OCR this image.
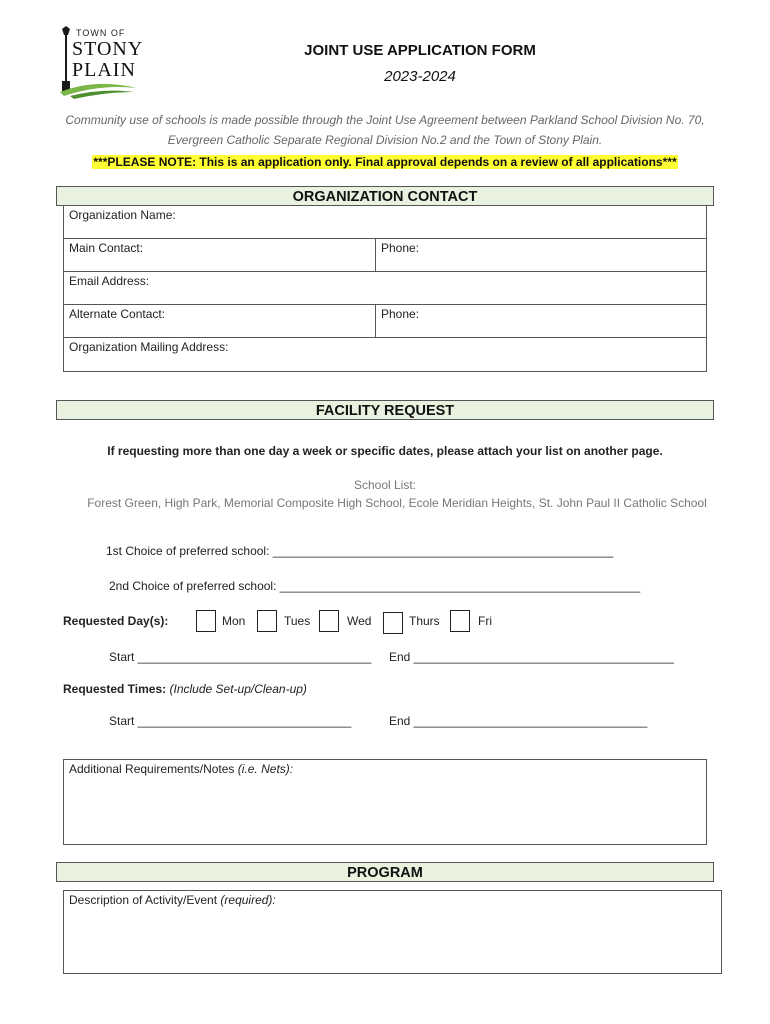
TOWN OF
STONY
PLAIN
JOINT USE APPLICATION FORM
2023-2024
Community use of schools is made possible through the Joint Use Agreement between Parkland School Division No. 70,
Evergreen Catholic Separate Regional Division No.2 and the Town of Stony Plain.
***PLEASE NOTE: This is an application only. Final approval depends on a review of all applications***
ORGANIZATION CONTACT
Organization Name:
Main Contact:	Phone:
Email Address:
Alternate Contact:	Phone:
Organization Mailing Address:
FACILITY REQUEST
If requesting more than one day a week or specific dates, please attach your list on another page.
School List:
Forest Green, High Park, Memorial Composite High School, Ecole Meridian Heights, St. John Paul II Catholic School
1st Choice of preferred school: ___________________________________________________
2nd Choice of preferred school: ______________________________________________________
Requested Day(s):	Mon	Tues	Wed	Thurs	Fri
Start ___________________________________ End _______________________________________
Requested Times: (Include Set-up/Clean-up)
Start ________________________________	End ___________________________________
Additional Requirements/Notes (i.e. Nets):
PROGRAM
Description of Activity/Event (required):
